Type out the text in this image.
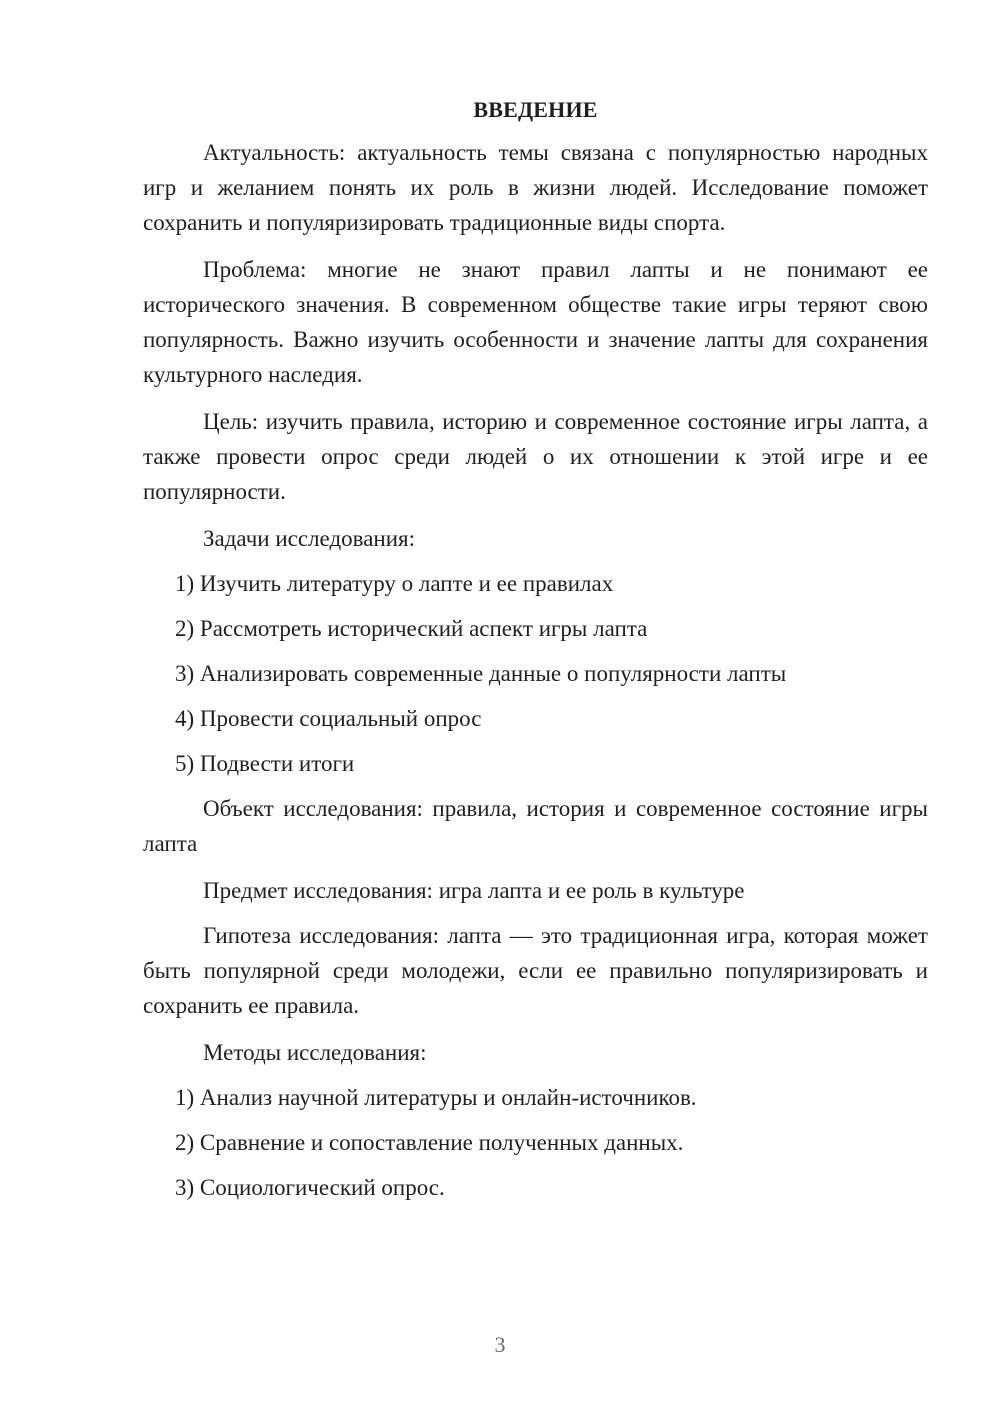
ВВЕДЕНИЕ

Актуальность: актуальность темы связана с популярностью народных игр и желанием понять их роль в жизни людей. Исследование поможет сохранить и популяризировать традиционные виды спорта.

Проблема: многие не знают правил лапты и не понимают ее исторического значения. В современном обществе такие игры теряют свою популярность. Важно изучить особенности и значение лапты для сохранения культурного наследия.

Цель: изучить правила, историю и современное состояние игры лапта, а также провести опрос среди людей о их отношении к этой игре и ее популярности.

Задачи исследования:

1) Изучить литературу о лапте и ее правилах
2) Рассмотреть исторический аспект игры лапта
3) Анализировать современные данные о популярности лапты
4) Провести социальный опрос
5) Подвести итоги

Объект исследования: правила, история и современное состояние игры лапта

Предмет исследования: игра лапта и ее роль в культуре

Гипотеза исследования: лапта — это традиционная игра, которая может быть популярной среди молодежи, если ее правильно популяризировать и сохранить ее правила.

Методы исследования:

1) Анализ научной литературы и онлайн-источников.
2) Сравнение и сопоставление полученных данных.
3) Социологический опрос.
3
